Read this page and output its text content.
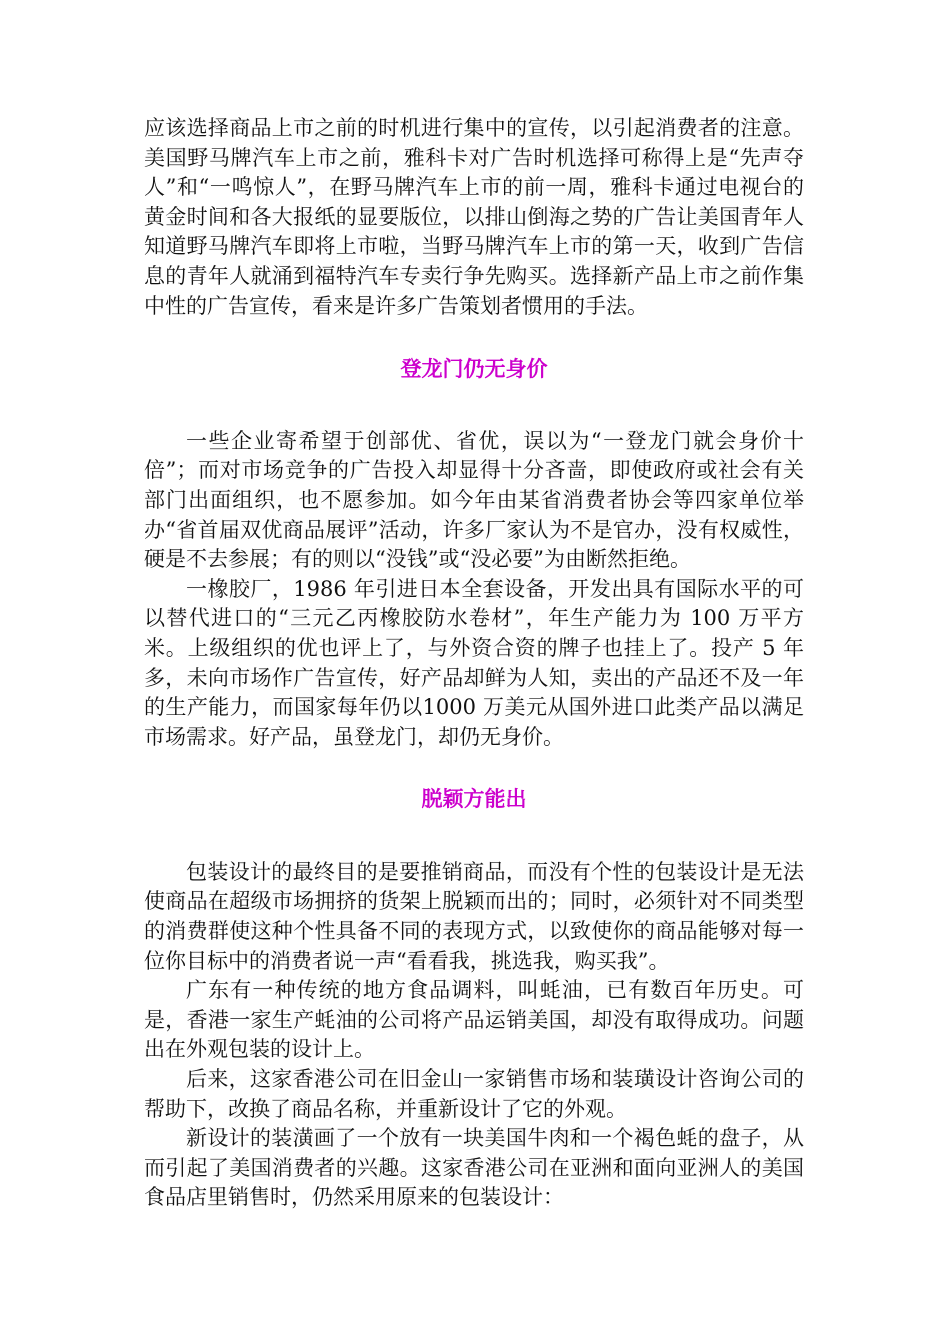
应该选择商品上市之前的时机进行集中的宣传，以引起消费者的注意。美国野马牌汽车上市之前，雅科卡对广告时机选择可称得上是“先声夺人”和“一鸣惊人”，在野马牌汽车上市的前一周，雅科卡通过电视台的黄金时间和各大报纸的显要版位，以排山倒海之势的广告让美国青年人知道野马牌汽车即将上市啦，当野马牌汽车上市的第一天，收到广告信息的青年人就涌到福特汽车专卖行争先购买。选择新产品上市之前作集中性的广告宣传，看来是许多广告策划者惯用的手法。

登龙门仍无身价

一些企业寄希望于创部优、省优，误以为“一登龙门就会身价十倍”；而对市场竞争的广告投入却显得十分吝啬，即使政府或社会有关部门出面组织，也不愿参加。如今年由某省消费者协会等四家单位举办“省首届双优商品展评”活动，许多厂家认为不是官办，没有权威性，硬是不去参展；有的则以“没钱”或“没必要”为由断然拒绝。

一橡胶厂，1986 年引进日本全套设备，开发出具有国际水平的可以替代进口的“三元乙丙橡胶防水卷材”，年生产能力为 100 万平方米。上级组织的优也评上了，与外资合资的牌子也挂上了。投产 5 年多，未向市场作广告宣传，好产品却鲜为人知，卖出的产品还不及一年的生产能力，而国家每年仍以1000 万美元从国外进口此类产品以满足市场需求。好产品，虽登龙门，却仍无身价。

脱颖方能出

包装设计的最终目的是要推销商品，而没有个性的包装设计是无法使商品在超级市场拥挤的货架上脱颖而出的；同时，必须针对不同类型的消费群使这种个性具备不同的表现方式，以致使你的商品能够对每一位你目标中的消费者说一声“看看我，挑选我，购买我”。

广东有一种传统的地方食品调料，叫蚝油，已有数百年历史。可是，香港一家生产蚝油的公司将产品运销美国，却没有取得成功。问题出在外观包装的设计上。

后来，这家香港公司在旧金山一家销售市场和装璜设计咨询公司的帮助下，改换了商品名称，并重新设计了它的外观。

新设计的装潢画了一个放有一块美国牛肉和一个褐色蚝的盘子，从而引起了美国消费者的兴趣。这家香港公司在亚洲和面向亚洲人的美国食品店里销售时，仍然采用原来的包装设计：
